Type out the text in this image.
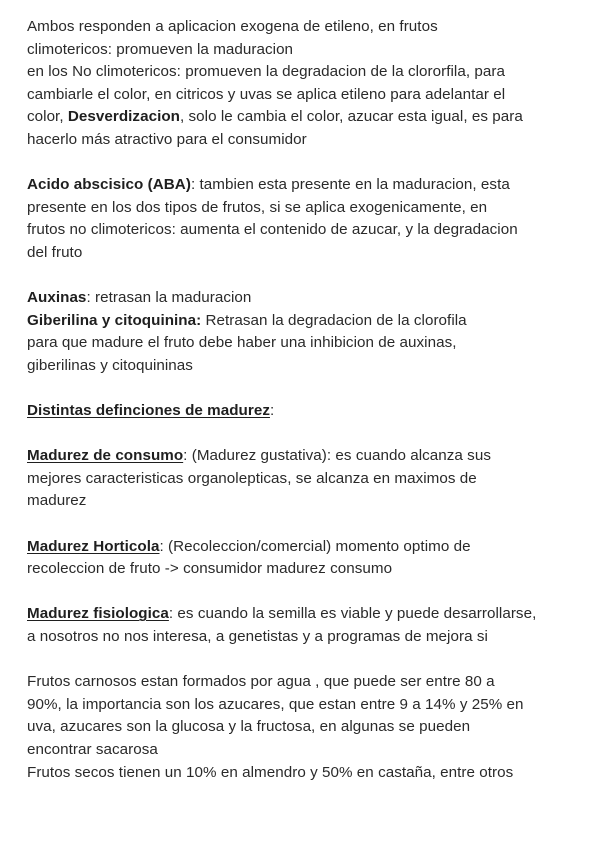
Ambos responden a aplicacion exogena de etileno, en frutos
climotericos: promueven la maduracion
en los No climotericos: promueven la degradacion de la clororfila, para
cambiarle el color, en citricos y uvas se aplica etileno para adelantar el
color, Desverdizacion, solo le cambia el color, azucar esta igual, es para
hacerlo más atractivo para el consumidor
Acido abscisico (ABA): tambien esta presente en la maduracion, esta
presente en los dos tipos de frutos, si se aplica exogenicamente, en
frutos no climotericos: aumenta el contenido de azucar, y la degradacion
del fruto
Auxinas: retrasan la maduracion
Giberilina y citoquinina: Retrasan la degradacion de la clorofila
para que madure el fruto debe haber una inhibicion de auxinas,
giberilinas y citoquininas
Distintas definciones de madurez:
Madurez de consumo: (Madurez gustativa): es cuando alcanza sus
mejores caracteristicas organolepticas, se alcanza en maximos de
madurez
Madurez Horticola: (Recoleccion/comercial) momento optimo de
recoleccion de fruto -> consumidor madurez consumo
Madurez fisiologica: es cuando la semilla es viable y puede desarrollarse,
a nosotros no nos interesa, a genetistas y a programas de mejora si
Frutos carnosos estan formados por agua , que puede ser entre 80 a
90%, la importancia son los azucares, que estan entre 9 a 14% y 25% en
uva, azucares son la glucosa y la fructosa, en algunas se pueden
encontrar sacarosa
Frutos secos tienen un 10% en almendro y 50% en castaña, entre otros
